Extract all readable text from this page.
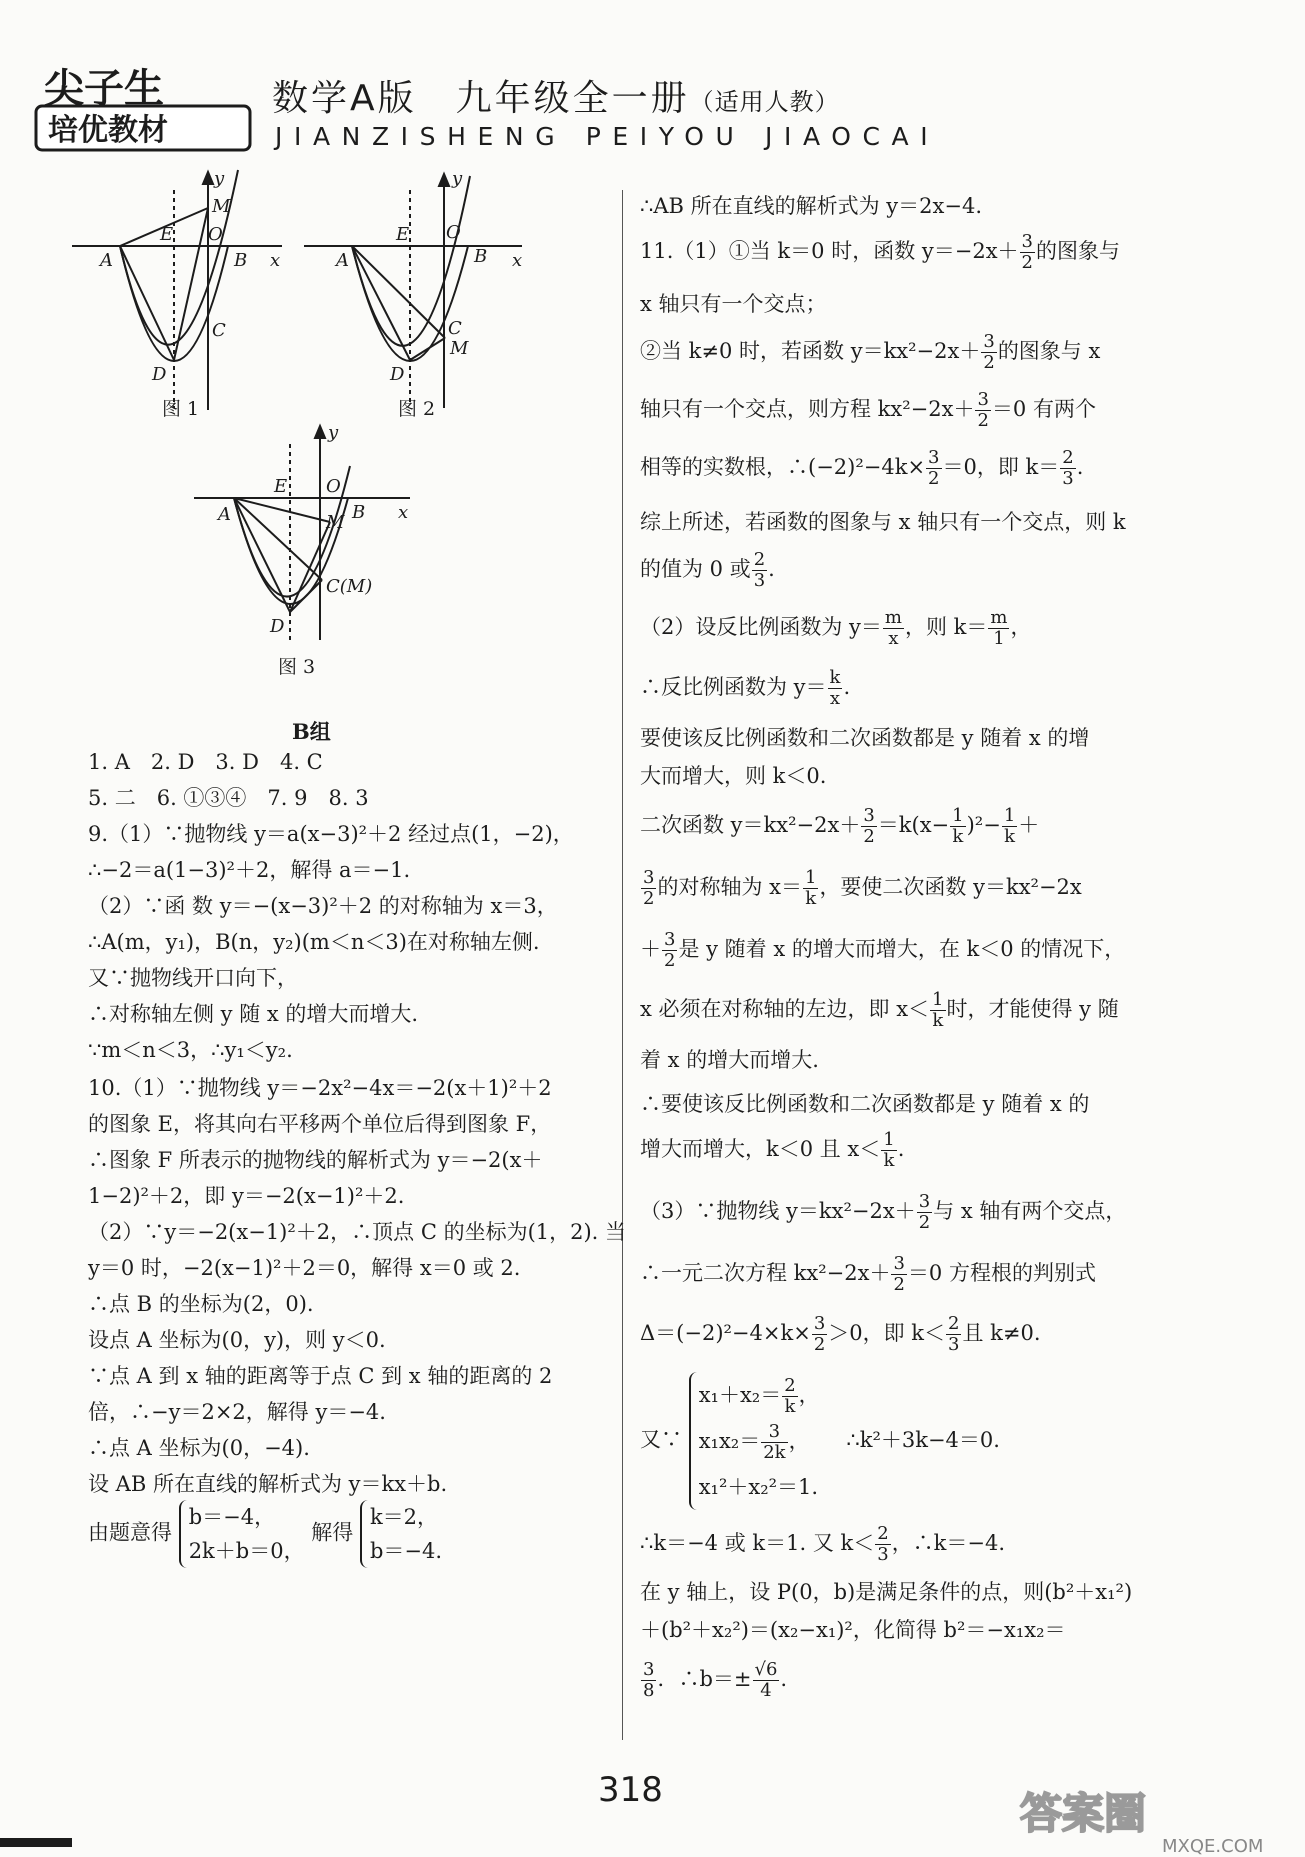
尖子生
培优教材
数学A版　九年级全一册（适用人教）
JIANZISHENG PEIYOU JIAOCAI
y
x
M
E O
A	B
C
D
y
x
E O
A	B
C
M
D
y
x
E O
A	B
M
C(M)
D
图 1	图 2
图 3
B组
1. A　2. D　3. D　4. C
5. 二　6. ①③④　7. 9　8. 3
9.（1）∵抛物线 y＝a(x−3)²＋2 经过点(1，−2)，
∴−2＝a(1−3)²＋2，解得 a＝−1.
（2）∵函 数 y＝−(x−3)²＋2 的对称轴为 x＝3，
∴A(m，y₁)，B(n，y₂)(m＜n＜3)在对称轴左侧.
又∵抛物线开口向下，
∴对称轴左侧 y 随 x 的增大而增大.
∵m＜n＜3，∴y₁＜y₂.
10.（1）∵抛物线 y＝−2x²−4x＝−2(x＋1)²＋2
的图象 E，将其向右平移两个单位后得到图象 F，
∴图象 F 所表示的抛物线的解析式为 y＝−2(x＋
1−2)²＋2，即 y＝−2(x−1)²＋2.
（2）∵y＝−2(x−1)²＋2，∴顶点 C 的坐标为(1，2). 当
y＝0 时，−2(x−1)²＋2＝0，解得 x＝0 或 2.
∴点 B 的坐标为(2，0).
设点 A 坐标为(0，y)，则 y＜0.
∵点 A 到 x 轴的距离等于点 C 到 x 轴的距离的 2
倍，∴−y＝2×2，解得 y＝−4.
∴点 A 坐标为(0，−4).
设 AB 所在直线的解析式为 y＝kx＋b.
由题意得
b＝−4，
2k＋b＝0，
解得
k＝2，
b＝−4.
∴AB 所在直线的解析式为 y＝2x−4.
11.（1）①当 k＝0 时，函数 $y=-2x+ \frac{3}{2}$ 的图象与
x 轴只有一个交点；
②当 k≠0 时，若函数 $y=kx^2-2x+ \frac{3}{2}$ 的图象与 x
轴只有一个交点，则方程 $kx^2-2x+ \frac{3}{2} =0$ 有两个
相等的实数根，∴(−2)²−4k× $\frac{3}{2} =0$，即 $k= \frac{2}{3}$ .
综上所述，若函数的图象与 x 轴只有一个交点，则 k
的值为 0 或 $\frac{2}{3}$ .
（2）设反比例函数为 $y= \frac{m}{x}$ ，则 $k= \frac{m}{1}$ ，
∴反比例函数为 $y= \frac{k}{x}$ .
要使该反比例函数和二次函数都是 y 随着 x 的增
大而增大，则 k＜0.
二次函数 $y=kx^2-2x+ \frac{3}{2} =k(x- \frac{1}{k} )^2- \frac{1}{k}$ ＋
$\frac{3}{2}$ 的对称轴为 $x= \frac{1}{k}$ ，要使二次函数 y＝kx²−2x
＋ $\frac{3}{2}$ 是 y 随着 x 的增大而增大，在 k＜0 的情况下，
x 必须在对称轴的左边，即 $x< \frac{1}{k}$ 时，才能使得 y 随
着 x 的增大而增大.
∴要使该反比例函数和二次函数都是 y 随着 x 的
增大而增大，k＜0 且 $x< \frac{1}{k}$ .
（3）∵抛物线 $y=kx^2-2x+ \frac{3}{2}$ 与 x 轴有两个交点，
∴一元二次方程 $kx^2-2x+ \frac{3}{2} =0$ 方程根的判别式
$\Delta=(-2)^2-4\times k\times \frac{3}{2} >0$，即 $k< \frac{2}{3}$ 且 k≠0.
又∵
$x_1+x_2= \frac{2}{k}$ ，
$x_1x_2= \frac{3}{2k}$ ，
x₁²＋x₂²＝1.
∴k²＋3k−4＝0.
∴k＝−4 或 k＝1. 又 $k< \frac{2}{3}$ ，∴k＝−4.
在 y 轴上，设 P(0，b)是满足条件的点，则(b²＋x₁²)
＋(b²＋x₂²)＝(x₂−x₁)²，化简得 b²＝−x₁x₂＝
$\frac{3}{8}$ ．∴b＝± $\frac{√6}{4}$ .
318	答案圈
MXQE.COM
